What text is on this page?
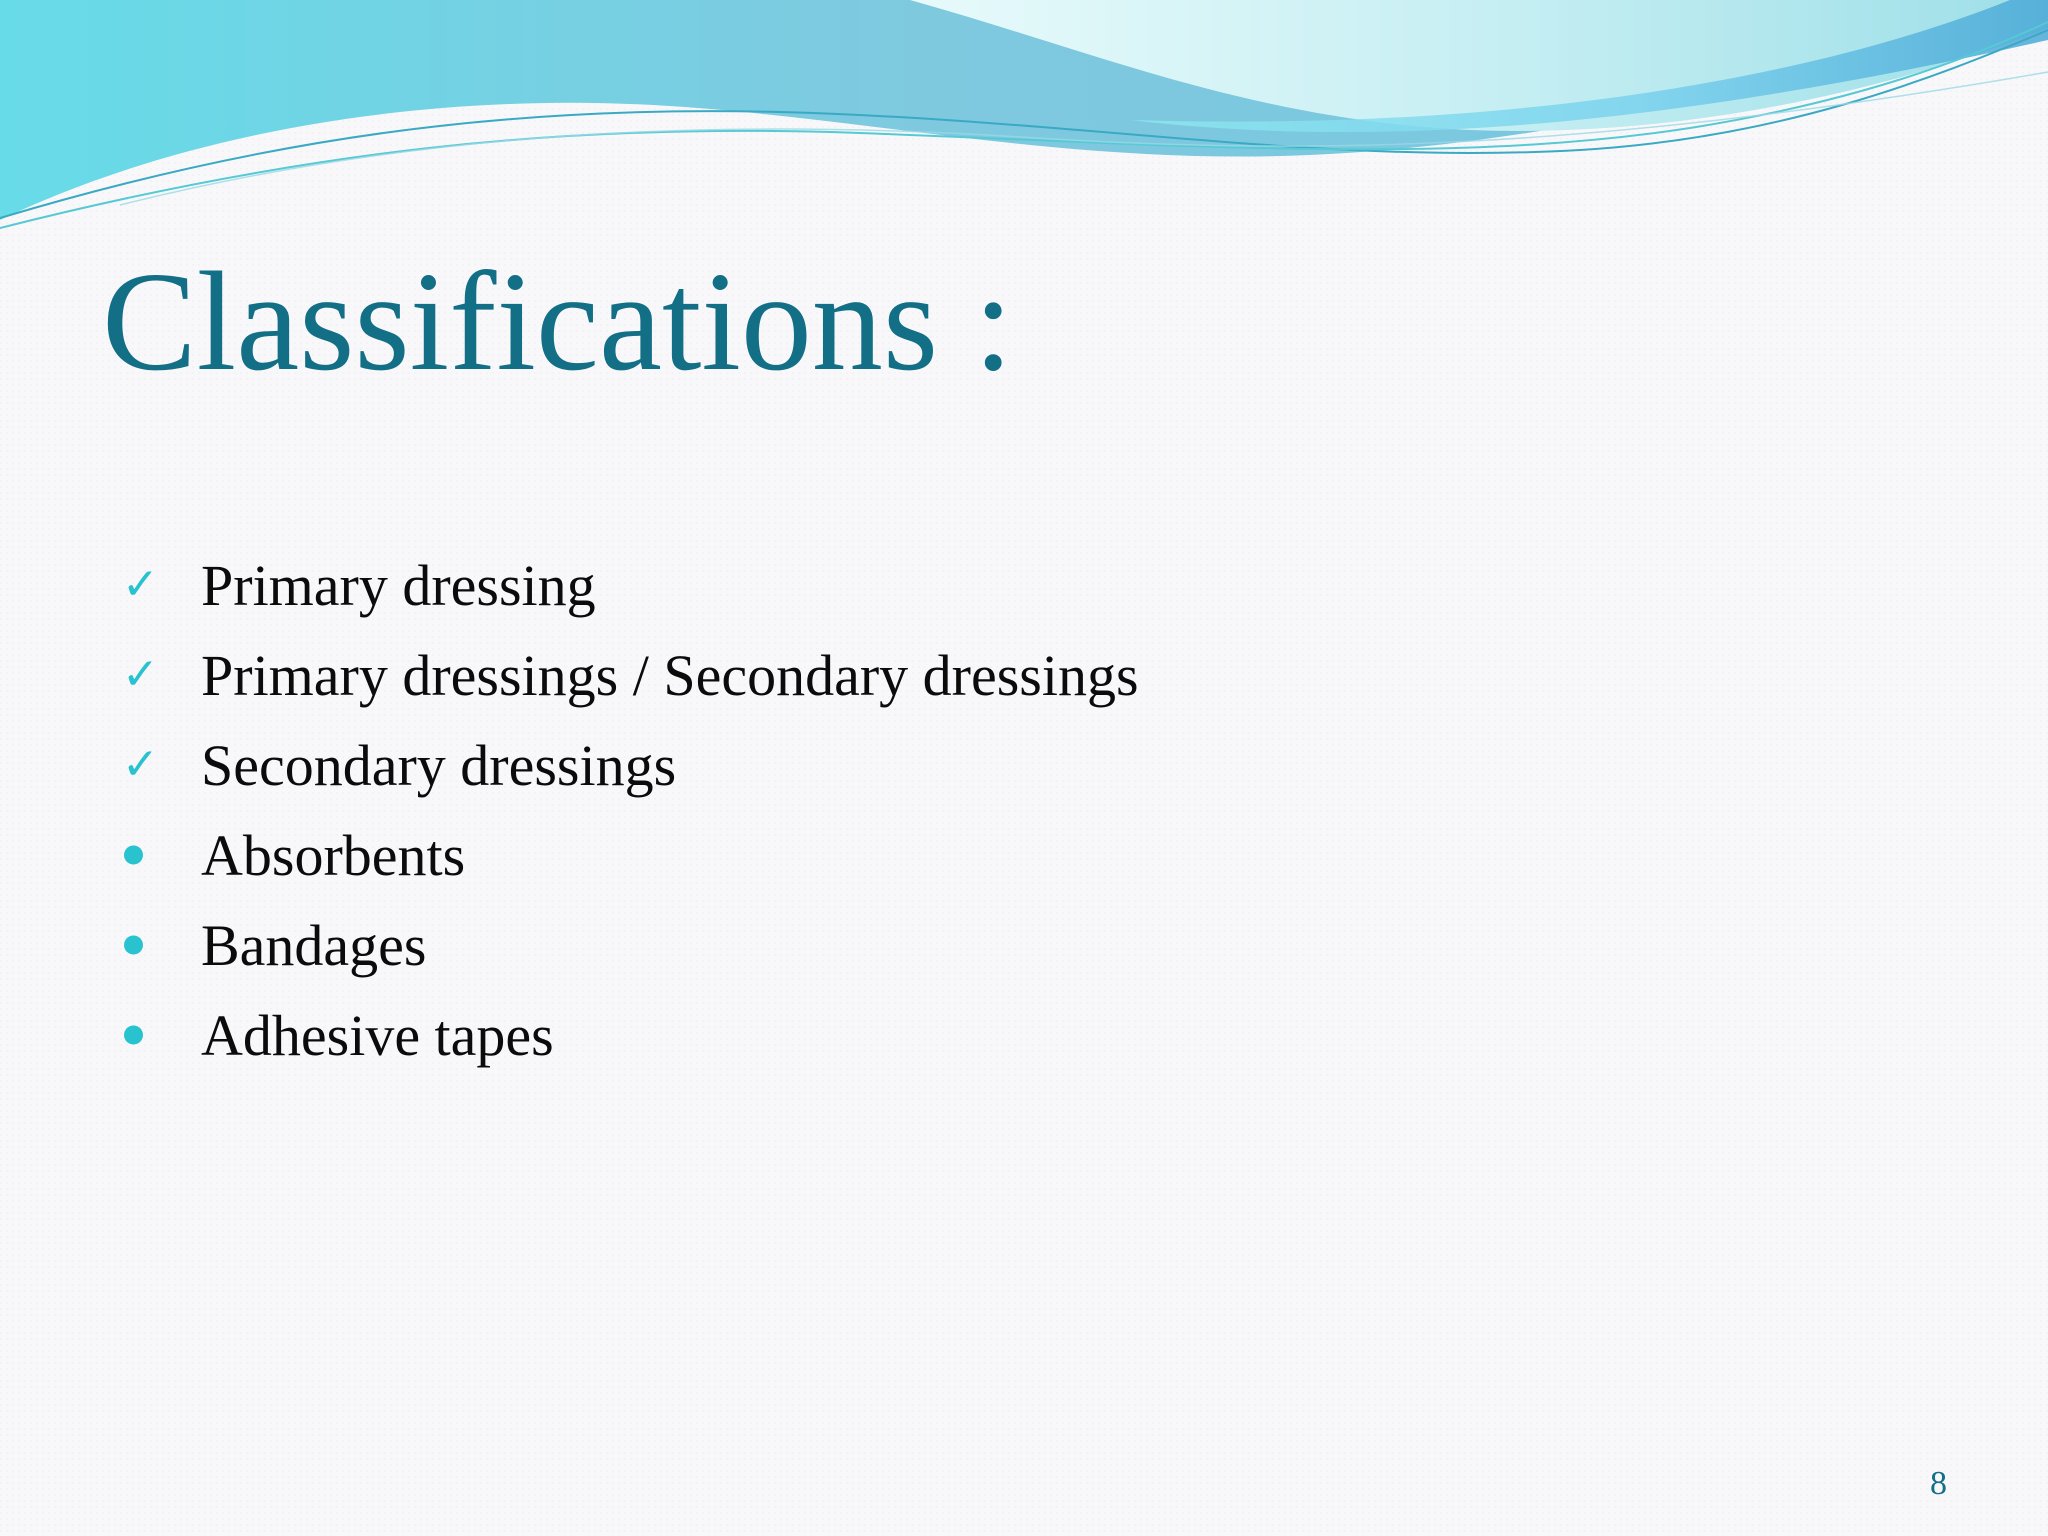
Classifications :
✓ Primary dressing
✓ Primary dressings / Secondary dressings
✓ Secondary dressings
Absorbents
Bandages
Adhesive tapes
8
